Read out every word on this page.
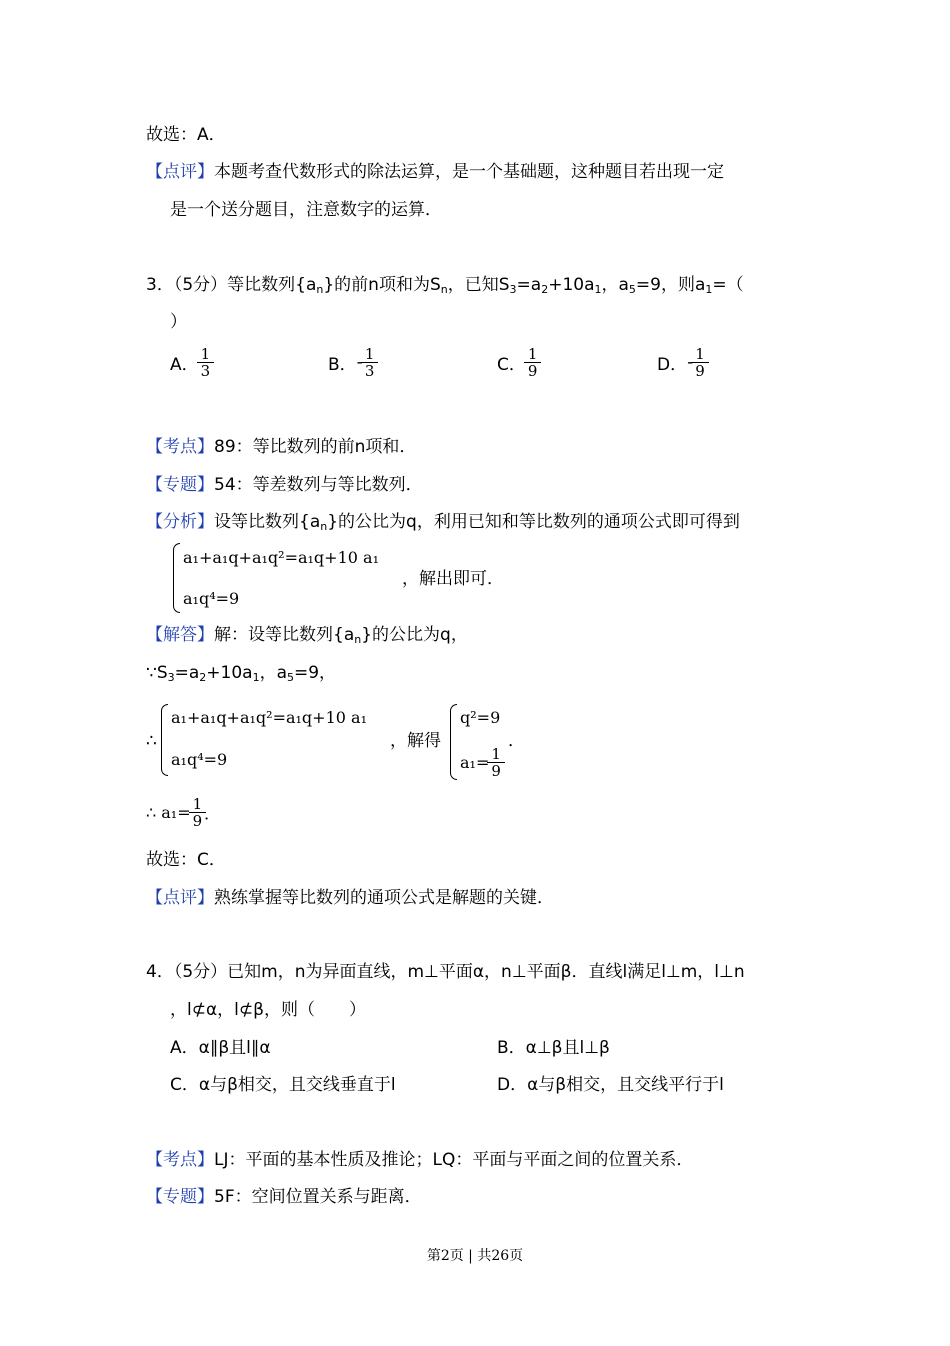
故选：A．
【点评】本题考查代数形式的除法运算，是一个基础题，这种题目若出现一定
是一个送分题目，注意数字的运算．
3．（5分）等比数列$\{a_n\}$的前n项和为$S_n$，已知$S_3=a_2+10a_1$，$a_5=9$，则$a_1=$（
）
A． $\frac{1}{3}$	B．- $\frac{1}{3}$	C． $\frac{1}{9}$	D．- $\frac{1}{9}$
【考点】89：等比数列的前n项和．
【专题】54：等差数列与等比数列．
【分析】设等比数列$\{a_n\}$的公比为q，利用已知和等比数列的通项公式即可得到
a₁+a₁q+a₁q²=a₁q+10 a₁
a₁q⁴=9
，解出即可．
【解答】解：设等比数列$\{a_n\}$的公比为q，
$\because S_3=a_2+10a_1$，$a_5=9$，
∴
a₁+a₁q+a₁q²=a₁q+10 a₁
a₁q⁴=9
，解得
q²=9
$a_1= \frac{1}{9}$
．
∴ $a_1= \frac{1}{9}$ ．
故选：C．
【点评】熟练掌握等比数列的通项公式是解题的关键．
4．（5分）已知m，n为异面直线，m⊥平面α，n⊥平面β．直线l满足l⊥m，l⊥n
，l⊄α，l⊄β，则（　　）
A．α∥β且l∥α	B．α⊥β且l⊥β
C．α与β相交，且交线垂直于l	D．α与β相交，且交线平行于l
【考点】LJ：平面的基本性质及推论；LQ：平面与平面之间的位置关系．
【专题】5F：空间位置关系与距离．
第2页 | 共26页
